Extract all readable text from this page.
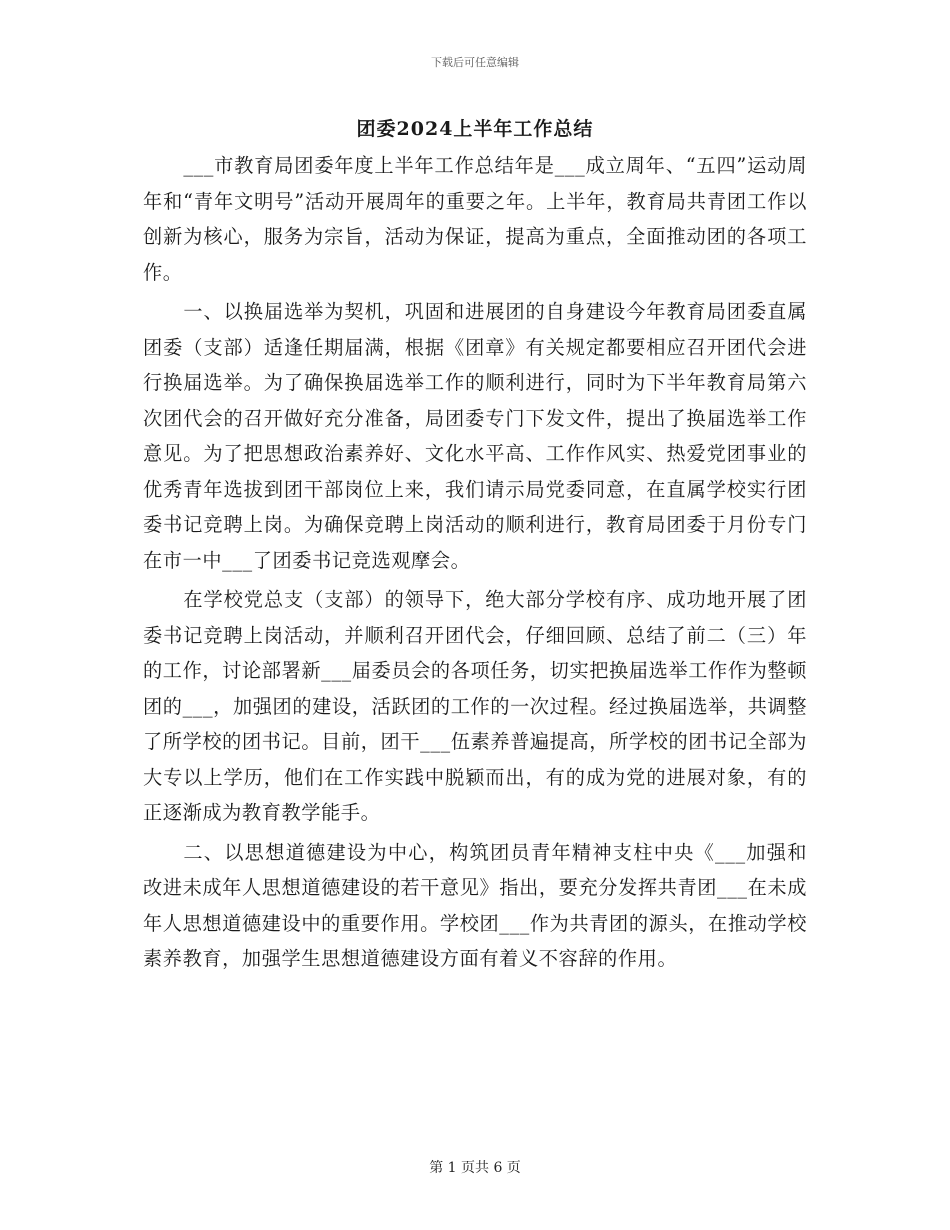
下载后可任意编辑
团委2024上半年工作总结

___市教育局团委年度上半年工作总结年是___成立周年、“五四”运动周年和“青年文明号”活动开展周年的重要之年。上半年，教育局共青团工作以创新为核心，服务为宗旨，活动为保证，提高为重点，全面推动团的各项工作。

一、以换届选举为契机，巩固和进展团的自身建设今年教育局团委直属团委（支部）适逢任期届满，根据《团章》有关规定都要相应召开团代会进行换届选举。为了确保换届选举工作的顺利进行，同时为下半年教育局第六次团代会的召开做好充分准备，局团委专门下发文件，提出了换届选举工作意见。为了把思想政治素养好、文化水平高、工作作风实、热爱党团事业的优秀青年选拔到团干部岗位上来，我们请示局党委同意，在直属学校实行团委书记竞聘上岗。为确保竞聘上岗活动的顺利进行，教育局团委于月份专门在市一中___了团委书记竞选观摩会。

在学校党总支（支部）的领导下，绝大部分学校有序、成功地开展了团委书记竞聘上岗活动，并顺利召开团代会，仔细回顾、总结了前二（三）年的工作，讨论部署新___届委员会的各项任务，切实把换届选举工作作为整顿团的___，加强团的建设，活跃团的工作的一次过程。经过换届选举，共调整了所学校的团书记。目前，团干___伍素养普遍提高，所学校的团书记全部为大专以上学历，他们在工作实践中脱颖而出，有的成为党的进展对象，有的正逐渐成为教育教学能手。

二、以思想道德建设为中心，构筑团员青年精神支柱中央《___加强和改进未成年人思想道德建设的若干意见》指出，要充分发挥共青团___在未成年人思想道德建设中的重要作用。学校团___作为共青团的源头，在推动学校素养教育，加强学生思想道德建设方面有着义不容辞的作用。

第 1 页共 6 页
